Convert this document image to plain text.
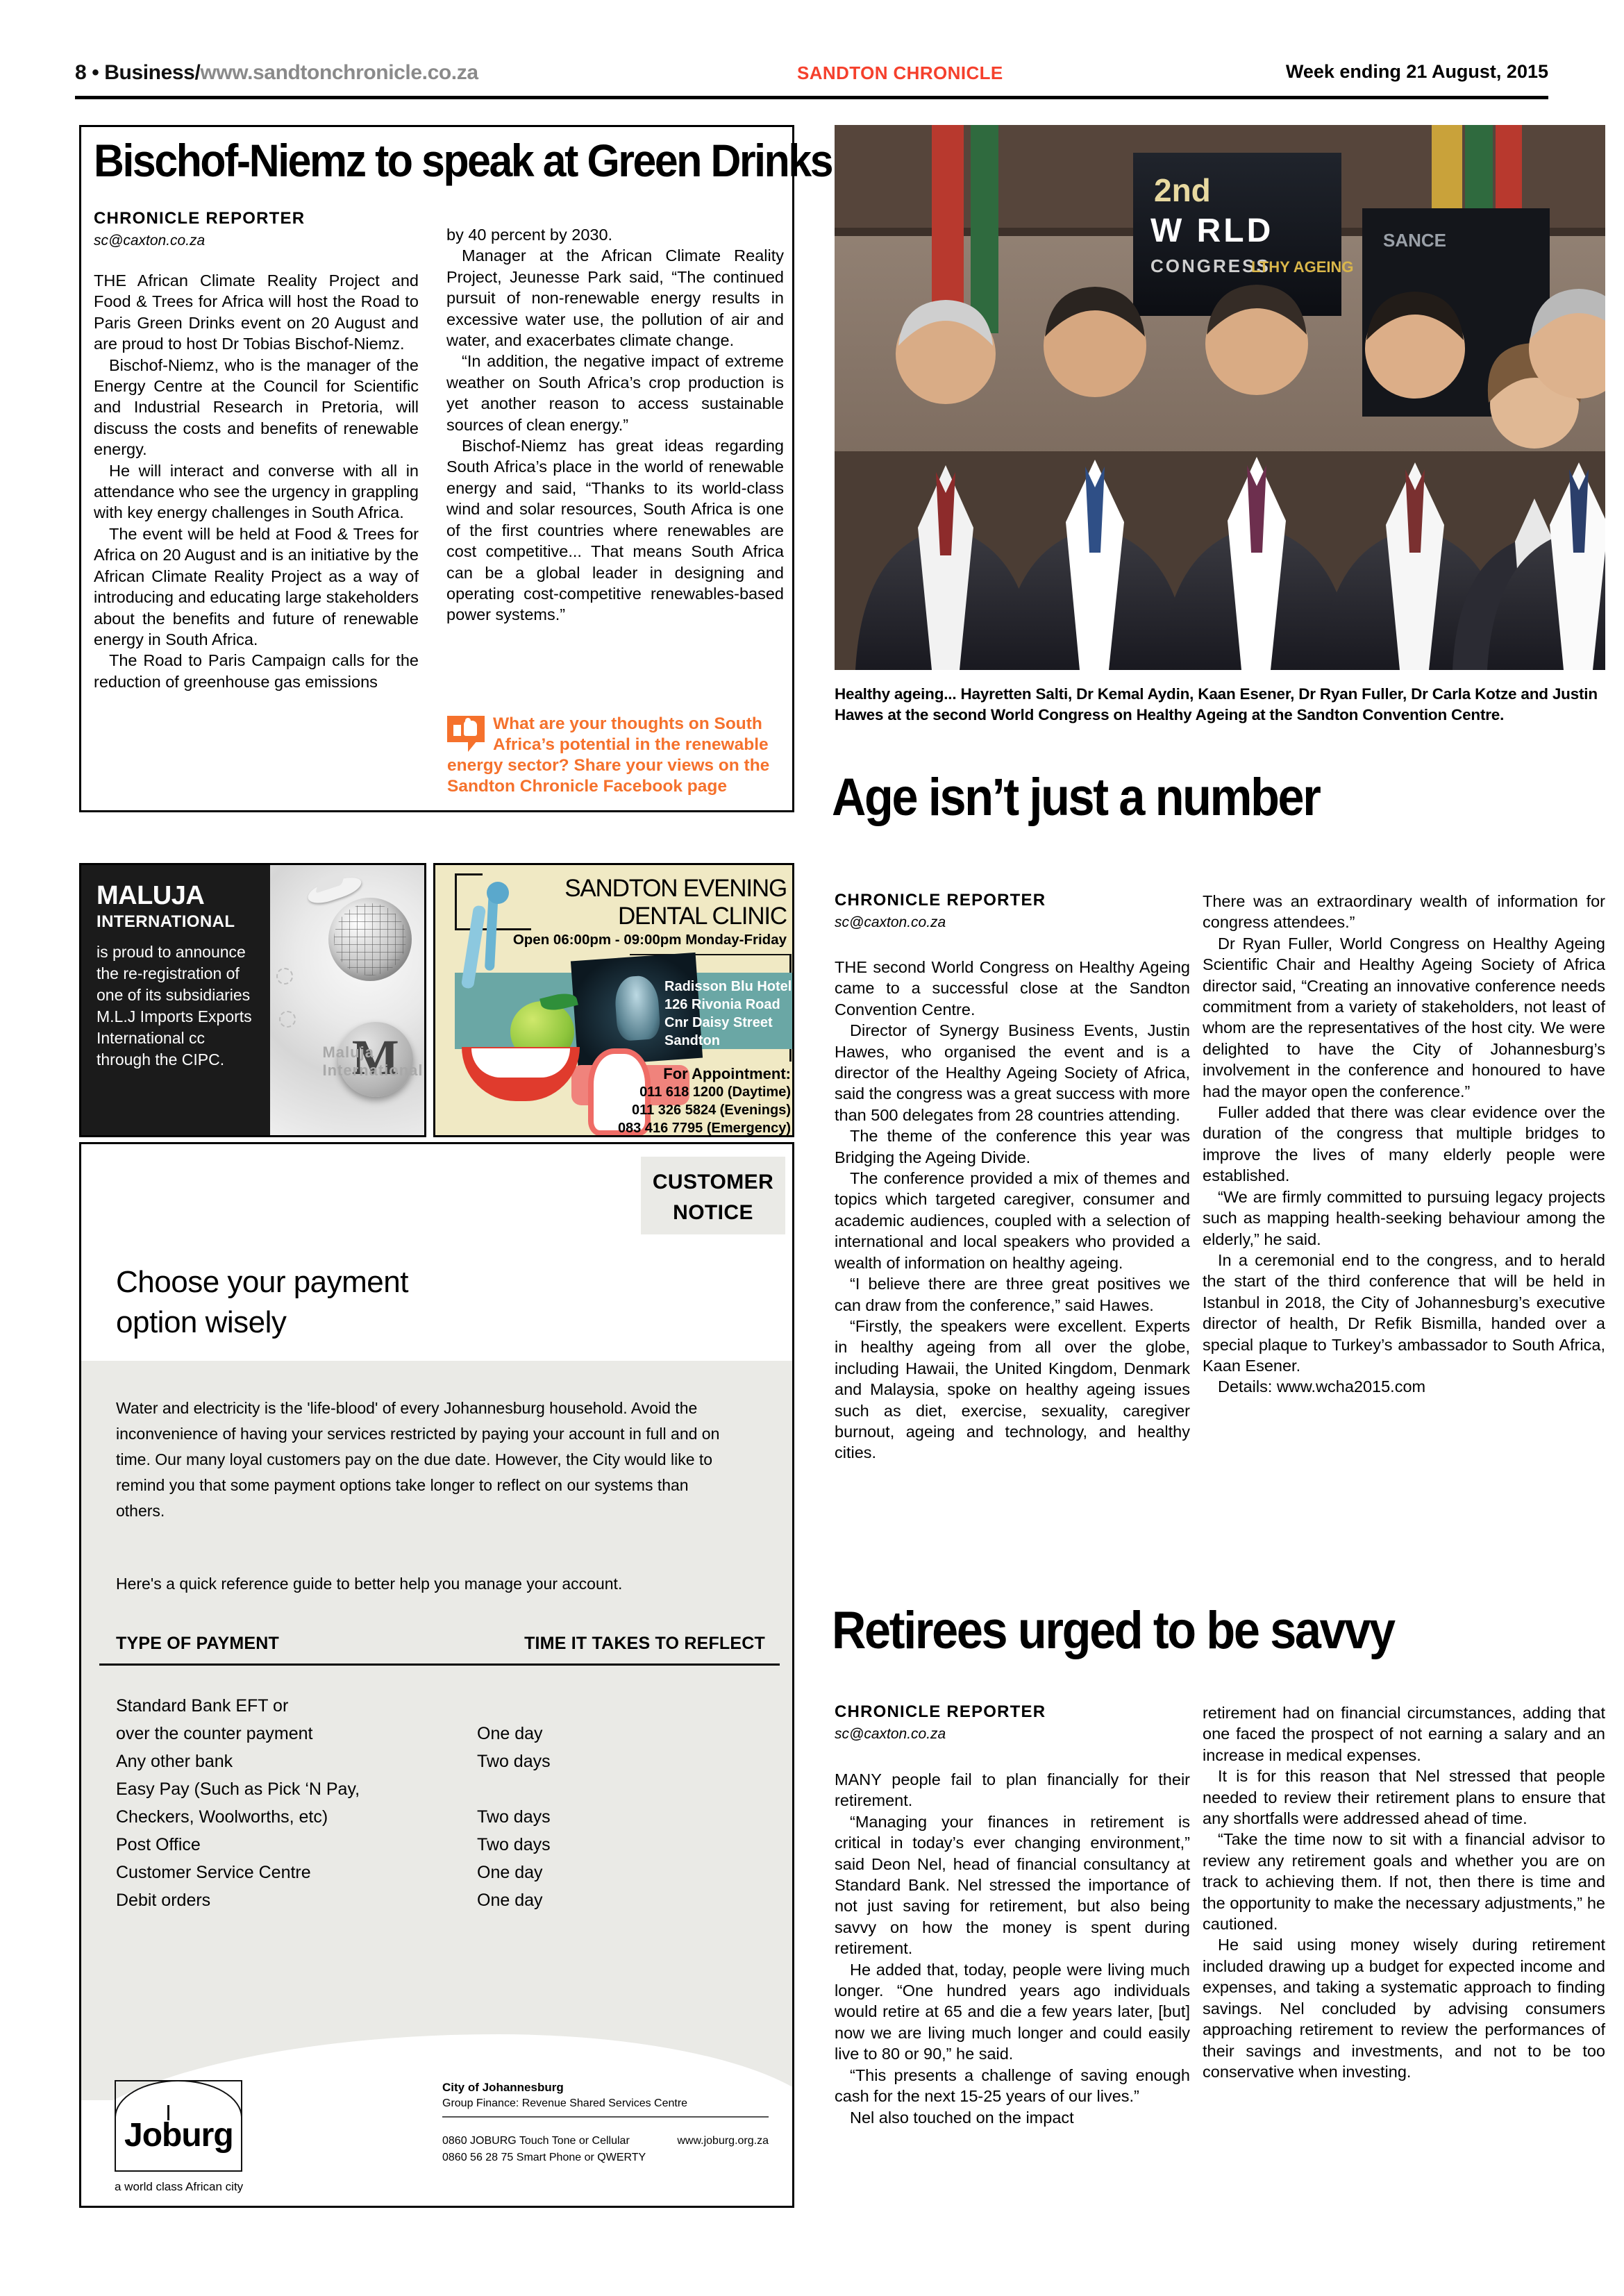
8 • Business/www.sandtonchronicle.co.za	SANDTON CHRONICLE	Week ending 21 August, 2015
Bischof-Niemz to speak at Green Drinks
CHRONICLE REPORTER
sc@caxton.co.za

THE African Climate Reality Project and Food & Trees for Africa will host the Road to Paris Green Drinks event on 20 August and are proud to host Dr Tobias Bischof-Niemz.

Bischof-Niemz, who is the manager of the Energy Centre at the Council for Scientific and Industrial Research in Pretoria, will discuss the costs and benefits of renewable energy.

He will interact and converse with all in attendance who see the urgency in grappling with key energy challenges in South Africa.

The event will be held at Food & Trees for Africa on 20 August and is an initiative by the African Climate Reality Project as a way of introducing and educating large stakeholders about the benefits and future of renewable energy in South Africa.

The Road to Paris Campaign calls for the reduction of greenhouse gas emissions

by 40 percent by 2030.

Manager at the African Climate Reality Project, Jeunesse Park said, “The continued pursuit of non-renewable energy results in excessive water use, the pollution of air and water, and exacerbates climate change.

“In addition, the negative impact of extreme weather on South Africa’s crop production is yet another reason to access sustainable sources of clean energy.”

Bischof-Niemz has great ideas regarding South Africa’s place in the world of renewable energy and said, “Thanks to its world-class wind and solar resources, South Africa is one of the first countries where renewables are cost competitive... That means South Africa can be a global leader in designing and operating cost-competitive renewables-based power systems.”

What are your thoughts on South Africa’s potential in the renewable energy sector? Share your views on the Sandton Chronicle Facebook page
2nd
W RLD
CONGRESS
LTHY AGEING
SANCE
Healthy ageing... Hayretten Salti, Dr Kemal Aydin, Kaan Esener, Dr Ryan Fuller, Dr Carla Kotze and Justin Hawes at the second World Congress on Healthy Ageing at the Sandton Convention Centre.
Age isn’t just a number
CHRONICLE REPORTER
sc@caxton.co.za

THE second World Congress on Healthy Ageing came to a successful close at the Sandton Convention Centre.

Director of Synergy Business Events, Justin Hawes, who organised the event and is a director of the Healthy Ageing Society of Africa, said the congress was a great success with more than 500 delegates from 28 countries attending.

The theme of the conference this year was Bridging the Ageing Divide.

The conference provided a mix of themes and topics which targeted caregiver, consumer and academic audiences, coupled with a selection of international and local speakers who provided a wealth of information on healthy ageing.

“I believe there are three great positives we can draw from the conference,” said Hawes.

“Firstly, the speakers were excellent. Experts in healthy ageing from all over the globe, including Hawaii, the United Kingdom, Denmark and Malaysia, spoke on healthy ageing issues such as diet, exercise, sexuality, caregiver burnout, ageing and technology, and healthy cities.

There was an extraordinary wealth of information for congress attendees.”

Dr Ryan Fuller, World Congress on Healthy Ageing Scientific Chair and Healthy Ageing Society of Africa director said, “Creating an innovative conference needs commitment from a variety of stakeholders, not least of whom are the representatives of the host city. We were delighted to have the City of Johannesburg’s involvement in the conference and honoured to have had the mayor open the conference.”

Fuller added that there was clear evidence over the duration of the congress that multiple bridges to improve the lives of many elderly people were established.

“We are firmly committed to pursuing legacy projects such as mapping health-seeking behaviour among the elderly,” he said.

In a ceremonial end to the congress, and to herald the start of the third conference that will be held in Istanbul in 2018, the City of Johannesburg’s executive director of health, Dr Refik Bismilla, handed over a special plaque to Turkey’s ambassador to South Africa, Kaan Esener.

Details: www.wcha2015.com

Retirees urged to be savvy
CHRONICLE REPORTER
sc@caxton.co.za

MANY people fail to plan financially for their retirement.

“Managing your finances in retirement is critical in today’s ever changing environment,” said Deon Nel, head of financial consultancy at Standard Bank. Nel stressed the importance of not just saving for retirement, but also being savvy on how the money is spent during retirement.

He added that, today, people were living much longer. “One hundred years ago individuals would retire at 65 and die a few years later, [but] now we are living much longer and could easily live to 80 or 90,” he said.

“This presents a challenge of saving enough cash for the next 15-25 years of our lives.”

Nel also touched on the impact

retirement had on financial circumstances, adding that one faced the prospect of not earning a salary and an increase in medical expenses.

It is for this reason that Nel stressed that people needed to review their retirement plans to ensure that any shortfalls were addressed ahead of time.

“Take the time now to sit with a financial advisor to review any retirement goals and whether you are on track to achieving them. If not, then there is time and the opportunity to make the necessary adjustments,” he cautioned.

He said using money wisely during retirement included drawing up a budget for expected income and expenses, and taking a systematic approach to finding savings. Nel concluded by advising consumers approaching retirement to review the performances of their savings and investments, and not to be too conservative when investing.

MALUJA
INTERNATIONAL
is proud to announce the re-registration of one of its subsidiaries M.L.J Imports Exports International cc through the CIPC. M	Maluja International
SANDTON EVENING
DENTAL CLINIC
Open 06:00pm - 09:00pm Monday-Friday
Radisson Blu Hotel
126 Rivonia Road
Cnr Daisy Street
Sandton
For Appointment:
011 618 1200 (Daytime)
011 326 5824 (Evenings)
083 416 7795 (Emergency)
CUSTOMER
NOTICE
Choose your payment
option wisely
Water and electricity is the 'life-blood' of every Johannesburg household. Avoid the inconvenience of having your services restricted by paying your account in full and on time. Our many loyal customers pay on the due date. However, the City would like to remind you that some payment options take longer to reflect on our systems than others.
Here's a quick reference guide to better help you manage your account.
TYPE OF PAYMENT	TIME IT TAKES TO REFLECT
Standard Bank EFT or
over the counter payment	One day
Any other bank	Two days
Easy Pay (Such as Pick ‘N Pay,
Checkers, Woolworths, etc)	Two days
Post Office	Two days
Customer Service Centre	One day
Debit orders	One day
Joburg
a world class African city
City of Johannesburg
Group Finance: Revenue Shared Services Centre
www.joburg.org.za
0860 JOBURG Touch Tone or Cellular
0860 56 28 75 Smart Phone or QWERTY
